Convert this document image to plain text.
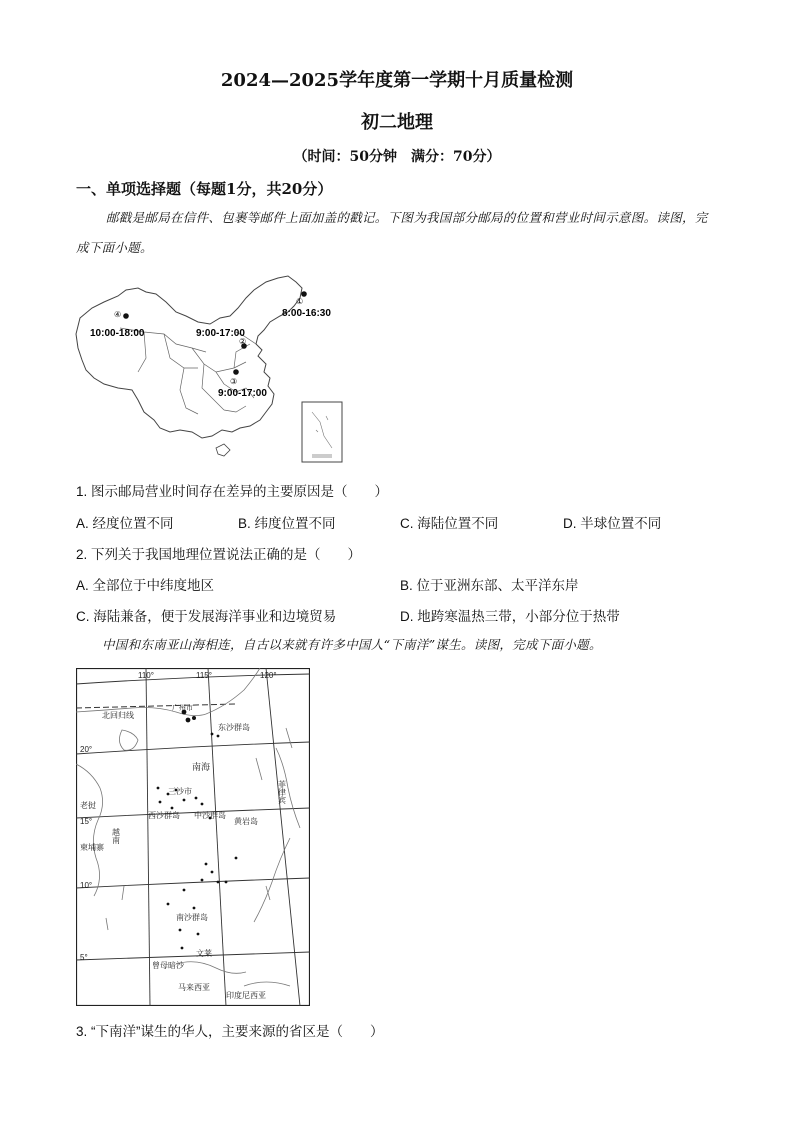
2024—2025学年度第一学期十月质量检测
初二地理
（时间：50分钟　满分：70分）
一、单项选择题（每题1分，共20分）
邮戳是邮局在信件、包裹等邮件上面加盖的戳记。下图为我国部分邮局的位置和营业时间示意图。读图，完成下面小题。
①
②
③
④	8:00-16:30
9:00-17:00
9:00-17:00
10:00-18:00
1. 图示邮局营业时间存在差异的主要原因是（　　）
A. 经度位置不同	B. 纬度位置不同	C. 海陆位置不同	D. 半球位置不同
2. 下列关于我国地理位置说法正确的是（　　）
A. 全部位于中纬度地区	B. 位于亚洲东部、太平洋东岸
C. 海陆兼备，便于发展海洋事业和边境贸易	D. 地跨寒温热三带，小部分位于热带
中国和东南亚山海相连，自古以来就有许多中国人“下南洋”谋生。读图，完成下面小题。
110°	115°	120°
20°
15°
10°
5°
北回归线
广州市
东沙群岛
南海
三沙市
西沙群岛 中沙群岛
黄岩岛
菲律宾
老挝
越南
柬埔寨
南沙群岛
文莱
曾母暗沙
马来西亚
印度尼西亚
3. “下南洋”谋生的华人，主要来源的省区是（　　）
